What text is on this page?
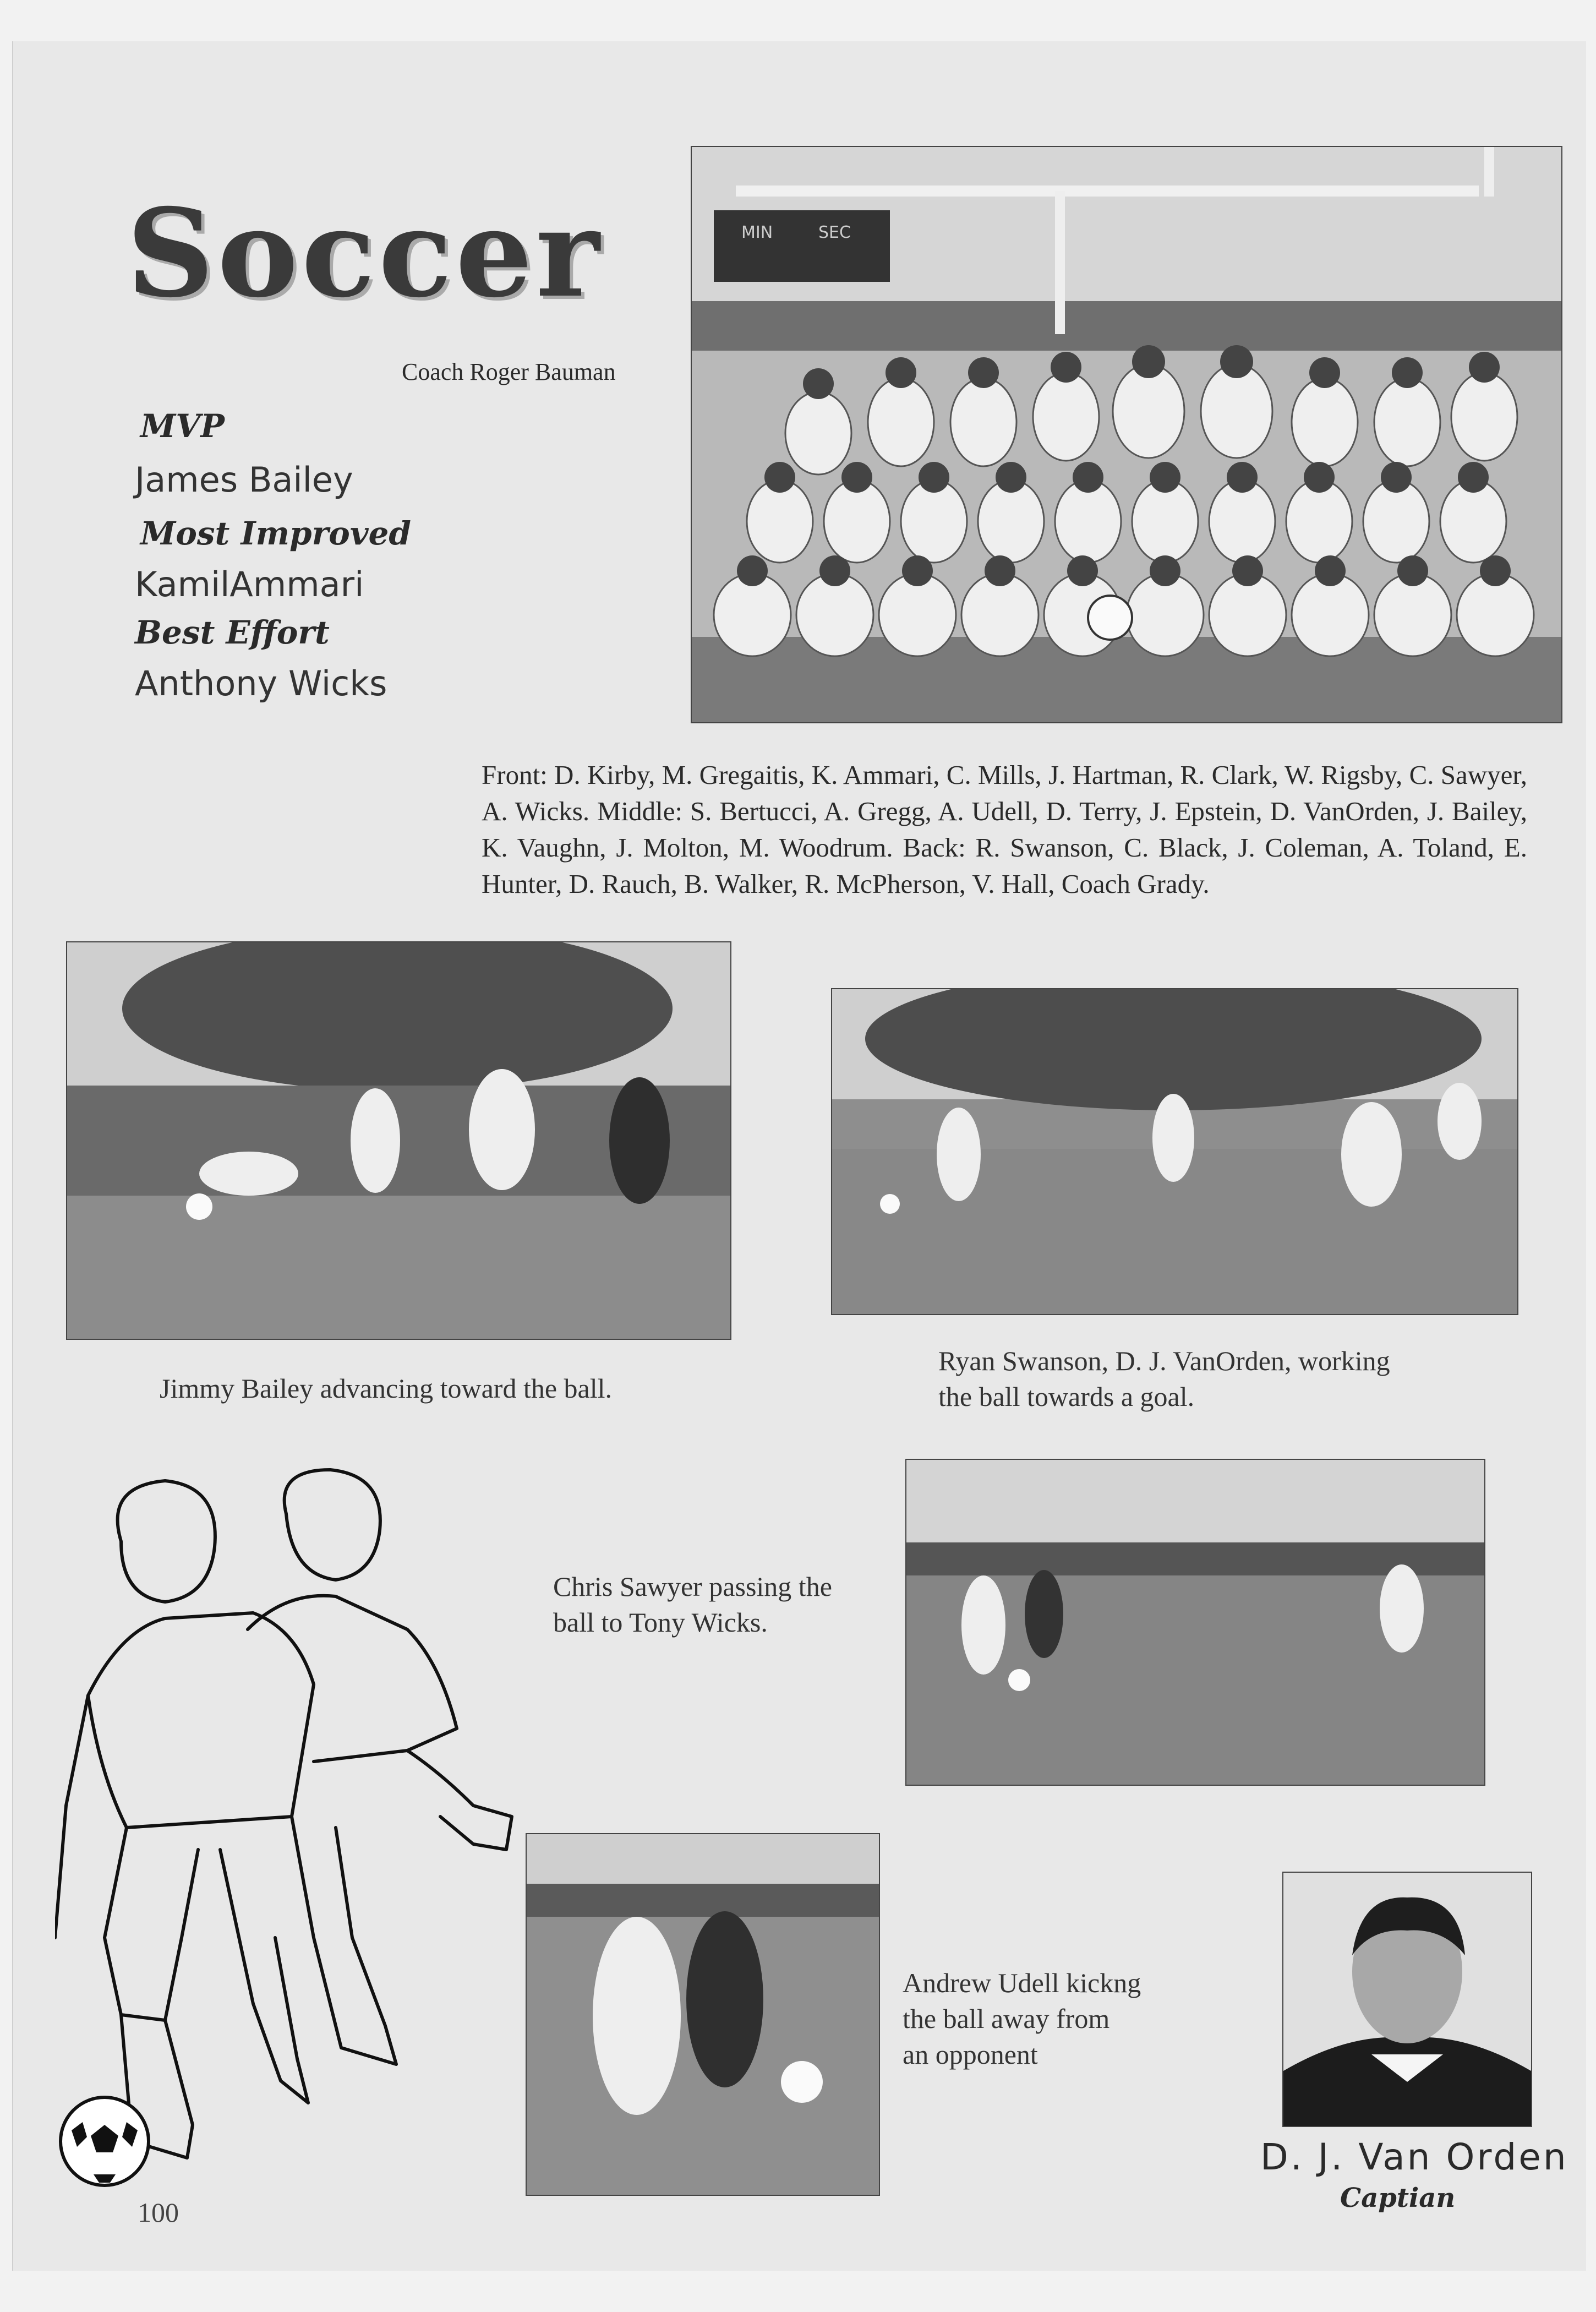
Soccer	MIN	SEC
Coach Roger Bauman
MVP
James Bailey
Most Improved
KamilAmmari
Best Effort
Anthony Wicks
Front: D. Kirby, M. Gregaitis, K. Ammari, C. Mills, J. Hartman, R. Clark, W. Rigsby, C. Sawyer, A. Wicks. Middle: S. Bertucci, A. Gregg, A. Udell, D. Terry, J. Epstein, D. VanOrden, J. Bailey, K. Vaughn, J. Molton, M. Woodrum. Back: R. Swanson, C. Black, J. Coleman, A. Toland, E. Hunter, D. Rauch, B. Walker, R. McPherson, V. Hall, Coach Grady.
Jimmy Bailey advancing toward the ball.
Ryan Swanson, D. J. VanOrden, working
the ball towards a goal.
Chris Sawyer passing the
ball to Tony Wicks.
Andrew Udell kickng
the ball away from
an opponent
D. J. Van Orden
Captian
100
